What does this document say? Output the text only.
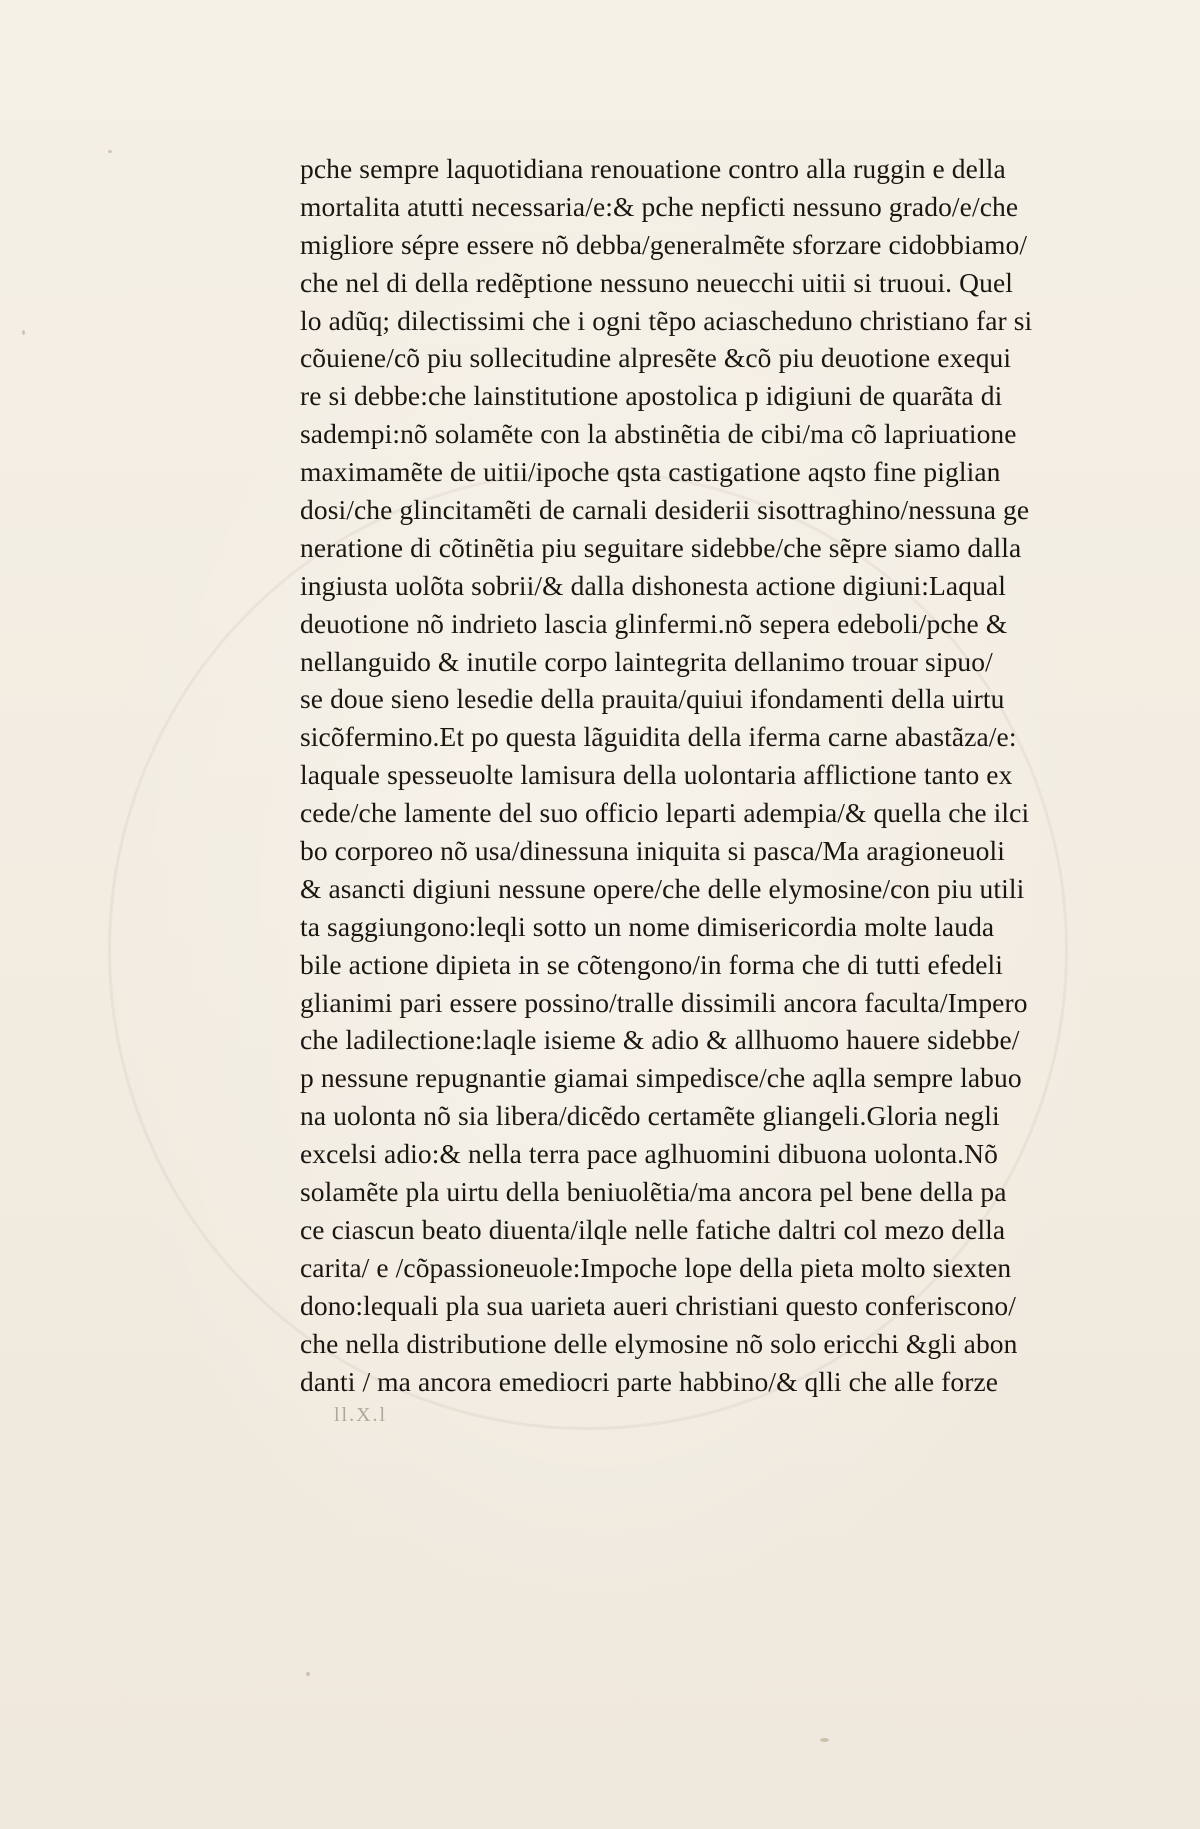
pche sempre laquotidiana renouatione contro alla ruggin e della
mortalita atutti necessaria/e:& pche nepficti nessuno grado/e/che
migliore sépre essere nõ debba/generalmẽte sforzare cidobbiamo/
che nel di della redẽptione nessuno neuecchi uitii si truoui. Quel
lo adũq; dilectissimi che i ogni tẽpo aciascheduno christiano far si
cõuiene/cõ piu sollecitudine alpresẽte &cõ piu deuotione exequi
re si debbe:che lainstitutione apostolica p idigiuni de quarãta di
sadempi:nõ solamẽte con la abstinẽtia de cibi/ma cõ lapriuatione
maximamẽte de uitii/ipoche qsta castigatione aqsto fine piglian
dosi/che glincitamẽti de carnali desiderii sisottraghino/nessuna ge
neratione di cõtinẽtia piu seguitare sidebbe/che sẽpre siamo dalla
ingiusta uolõta sobrii/& dalla dishonesta actione digiuni:Laqual
deuotione nõ indrieto lascia glinfermi.nõ sepera edeboli/pche &
nellanguido & inutile corpo laintegrita dellanimo trouar sipuo/
se doue sieno lesedie della prauita/quiui ifondamenti della uirtu
sicõfermino.Et po questa lãguidita della iferma carne abastãza/e:
laquale spesseuolte lamisura della uolontaria afflictione tanto ex
cede/che lamente del suo officio leparti adempia/& quella che ilci
bo corporeo nõ usa/dinessuna iniquita si pasca/Ma aragioneuoli
& asancti digiuni nessune opere/che delle elymosine/con piu utili
ta saggiungono:leqli sotto un nome dimisericordia molte lauda
bile actione dipieta in se cõtengono/in forma che di tutti efedeli
glianimi pari essere possino/tralle dissimili ancora faculta/Impero
che ladilectione:laqle isieme & adio & allhuomo hauere sidebbe/
p nessune repugnantie giamai simpedisce/che aqlla sempre labuo
na uolonta nõ sia libera/dicẽdo certamẽte gliangeli.Gloria negli
excelsi adio:& nella terra pace aglhuomini dibuona uolonta.Nõ
solamẽte pla uirtu della beniuolẽtia/ma ancora pel bene della pa
ce ciascun beato diuenta/ilqle nelle fatiche daltri col mezo della
carita/ e /cõpassioneuole:Impoche lope della pieta molto siexten
dono:lequali pla sua uarieta aueri christiani questo conferiscono/
che nella distributione delle elymosine nõ solo ericchi &gli abon
danti / ma ancora emediocri parte habbino/& qlli che alle forze
ll.X.l
